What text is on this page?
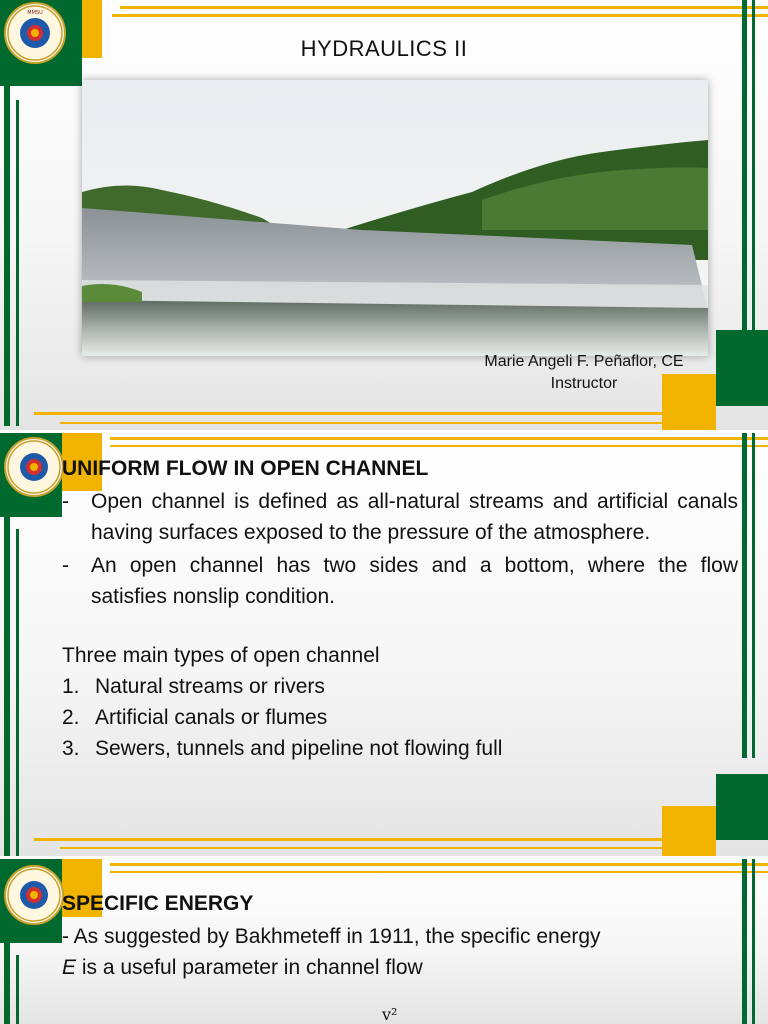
MMSU
HYDRAULICS II
Marie Angeli F. Peñaflor, CE
Instructor
UNIFORM FLOW IN OPEN CHANNEL
- Open channel is defined as all-natural streams and artificial canals having surfaces exposed to the pressure of the atmosphere.
- An open channel has two sides and a bottom, where the flow satisfies nonslip condition.
Three main types of open channel
1. Natural streams or rivers
2. Artificial canals or flumes
3. Sewers, tunnels and pipeline not flowing full
SPECIFIC ENERGY
- As suggested by Bakhmeteff in 1911, the specific energy
E is a useful parameter in channel flow
v²
